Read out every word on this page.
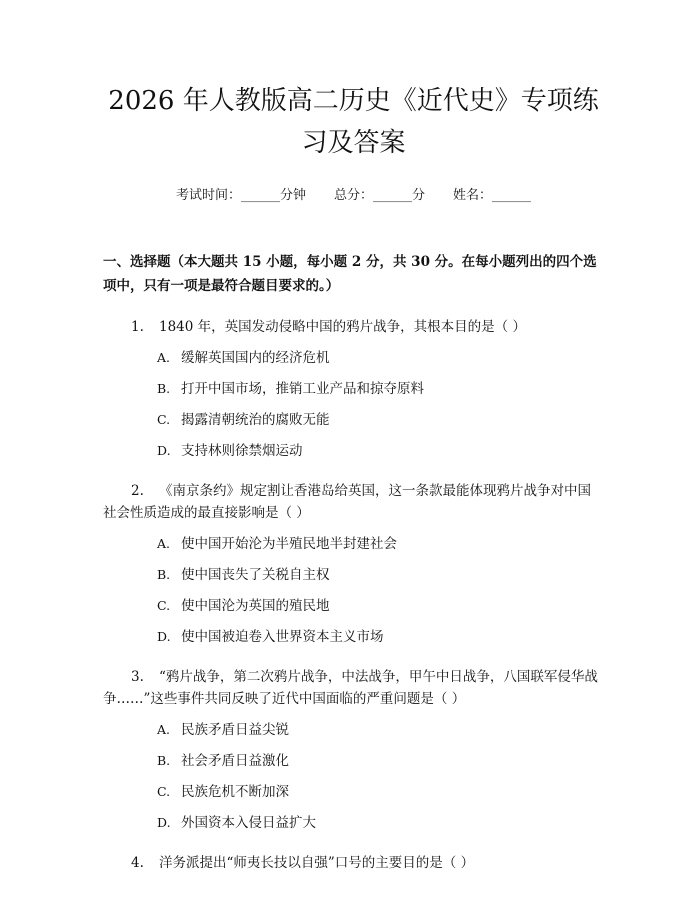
2026 年人教版高二历史《近代史》专项练习及答案
考试时间：______分钟 总分：______分 姓名：______
一、选择题（本大题共 15 小题，每小题 2 分，共 30 分。在每小题列出的四个选项中，只有一项是最符合题目要求的。）
1. 1840 年，英国发动侵略中国的鸦片战争，其根本目的是（ ）
A. 缓解英国国内的经济危机
B. 打开中国市场，推销工业产品和掠夺原料
C. 揭露清朝统治的腐败无能
D. 支持林则徐禁烟运动
2. 《南京条约》规定割让香港岛给英国，这一条款最能体现鸦片战争对中国社会性质造成的最直接影响是（ ）
A. 使中国开始沦为半殖民地半封建社会
B. 使中国丧失了关税自主权
C. 使中国沦为英国的殖民地
D. 使中国被迫卷入世界资本主义市场
3. “鸦片战争，第二次鸦片战争，中法战争，甲午中日战争，八国联军侵华战争……”这些事件共同反映了近代中国面临的严重问题是（ ）
A. 民族矛盾日益尖锐
B. 社会矛盾日益激化
C. 民族危机不断加深
D. 外国资本入侵日益扩大
4. 洋务派提出“师夷长技以自强”口号的主要目的是（ ）
